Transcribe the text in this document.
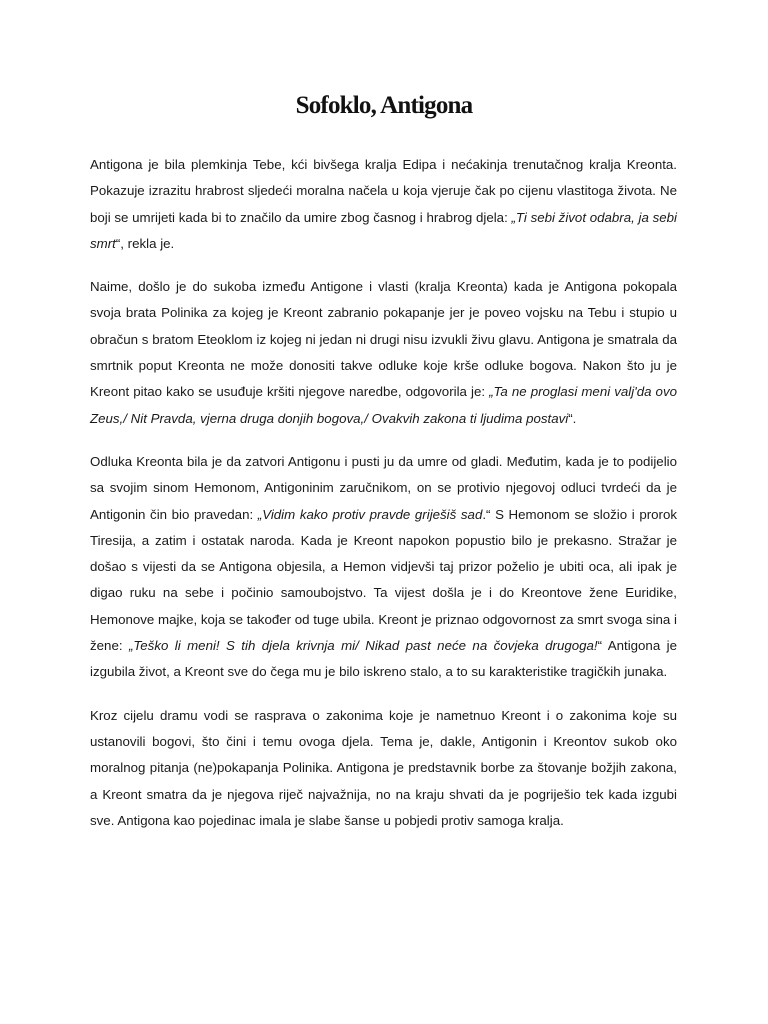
Sofoklo, Antigona

Antigona je bila plemkinja Tebe, kći bivšega kralja Edipa i nećakinja trenutačnog kralja Kreonta. Pokazuje izrazitu hrabrost sljedeći moralna načela u koja vjeruje čak po cijenu vlastitoga života. Ne boji se umrijeti kada bi to značilo da umire zbog časnog i hrabrog djela: „Ti sebi život odabra, ja sebi smrt“, rekla je.

Naime, došlo je do sukoba između Antigone i vlasti (kralja Kreonta) kada je Antigona pokopala svoja brata Polinika za kojeg je Kreont zabranio pokapanje jer je poveo vojsku na Tebu i stupio u obračun s bratom Eteoklom iz kojeg ni jedan ni drugi nisu izvukli živu glavu. Antigona je smatrala da smrtnik poput Kreonta ne može donositi takve odluke koje krše odluke bogova. Nakon što ju je Kreont pitao kako se usuđuje kršiti njegove naredbe, odgovorila je: „Ta ne proglasi meni valj'da ovo Zeus,/ Nit Pravda, vjerna druga donjih bogova,/ Ovakvih zakona ti ljudima postavi“.

Odluka Kreonta bila je da zatvori Antigonu i pusti ju da umre od gladi. Međutim, kada je to podijelio sa svojim sinom Hemonom, Antigoninim zaručnikom, on se protivio njegovoj odluci tvrdeći da je Antigonin čin bio pravedan: „Vidim kako protiv pravde griješiš sad.“ S Hemonom se složio i prorok Tiresija, a zatim i ostatak naroda. Kada je Kreont napokon popustio bilo je prekasno. Stražar je došao s vijesti da se Antigona objesila, a Hemon vidjevši taj prizor poželio je ubiti oca, ali ipak je digao ruku na sebe i počinio samoubojstvo. Ta vijest došla je i do Kreontove žene Euridike, Hemonove majke, koja se također od tuge ubila. Kreont je priznao odgovornost za smrt svoga sina i žene: „Teško li meni! S tih djela krivnja mi/ Nikad past neće na čovjeka drugoga!“ Antigona je izgubila život, a Kreont sve do čega mu je bilo iskreno stalo, a to su karakteristike tragičkih junaka.

Kroz cijelu dramu vodi se rasprava o zakonima koje je nametnuo Kreont i o zakonima koje su ustanovili bogovi, što čini i temu ovoga djela. Tema je, dakle, Antigonin i Kreontov sukob oko moralnog pitanja (ne)pokapanja Polinika. Antigona je predstavnik borbe za štovanje božjih zakona, a Kreont smatra da je njegova riječ najvažnija, no na kraju shvati da je pogriješio tek kada izgubi sve. Antigona kao pojedinac imala je slabe šanse u pobjedi protiv samoga kralja.
